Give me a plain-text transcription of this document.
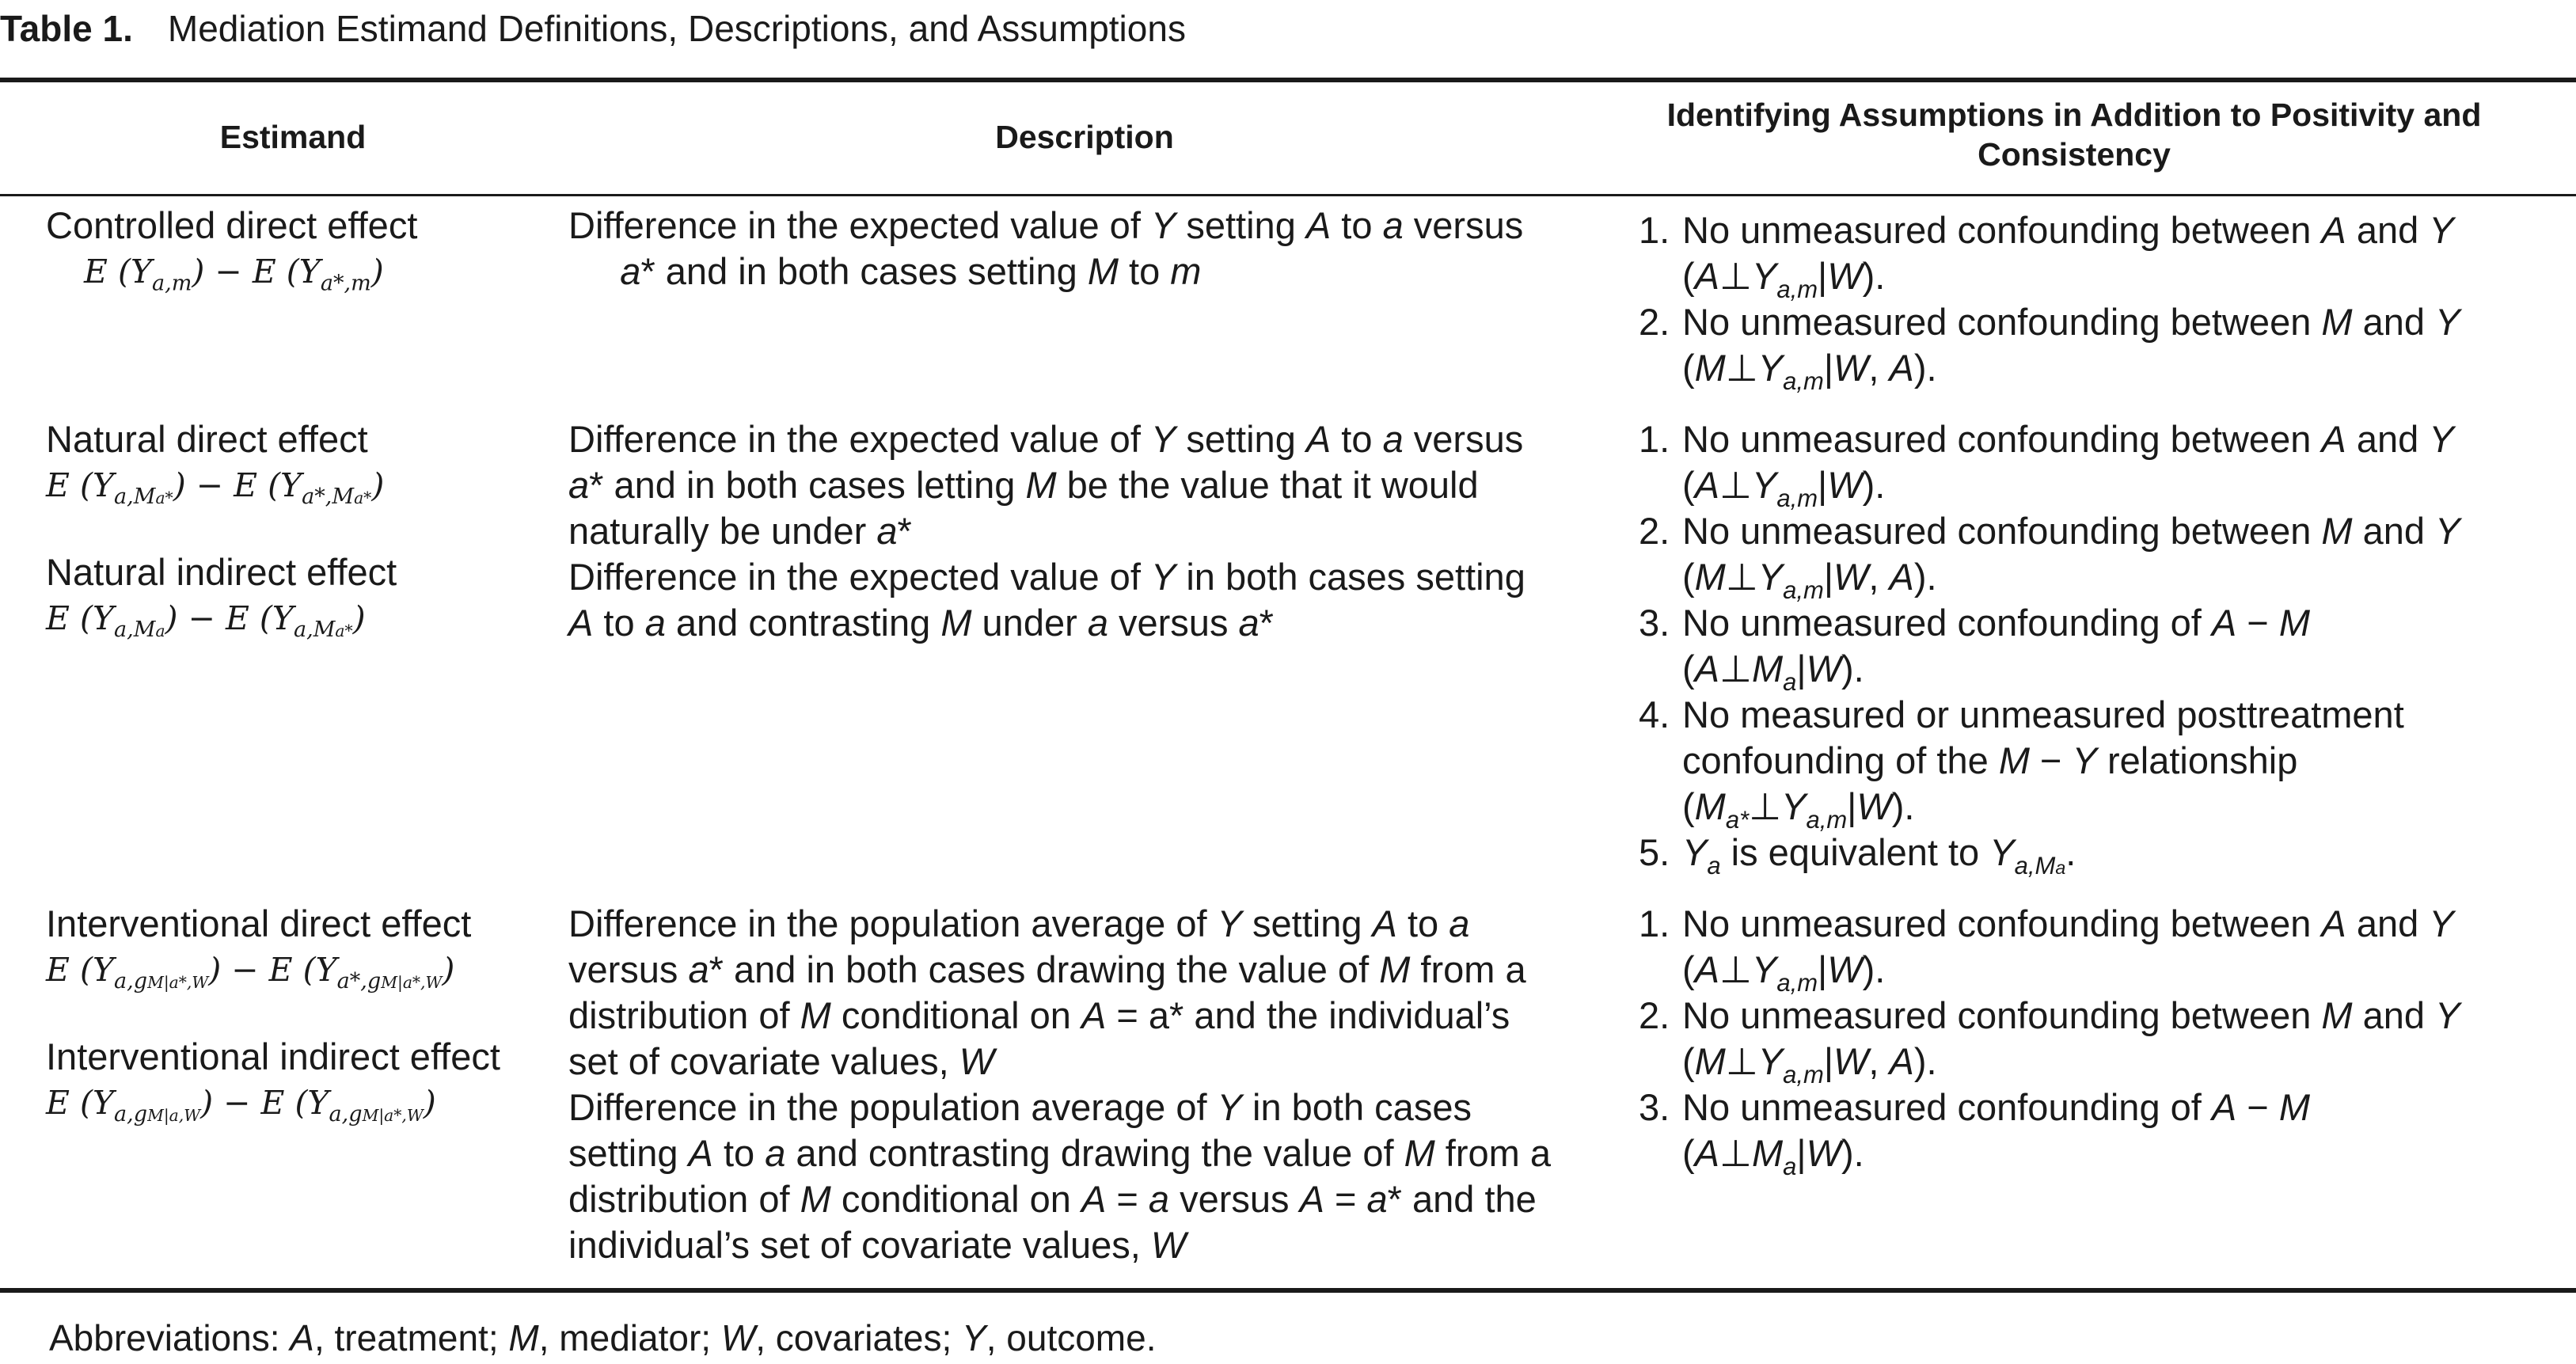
Table 1. Mediation Estimand Definitions, Descriptions, and Assumptions
Estimand	Description
Identifying Assumptions in Addition to Positivity and Consistency
Controlled direct effect
E $(Y_{a,m}) - E$ $(Y_{a*,m})$
Difference in the expected value of Y setting A to a versus
a* and in both cases setting M to m
1. No unmeasured confounding between A and Y
$(A\perp Y_{a,m}|W)$.
2. No unmeasured confounding between M and Y
($M\perp Y_{a,m}|W$, A).
Natural direct effect
E $(Y_{a,Ma*}) - E$ $(Y_{a*,Ma*})$
Natural indirect effect
E $(Y_{a,Ma}) - E$ $(Y_{a,Ma*})$
Difference in the expected value of Y setting A to a versus
a* and in both cases letting M be the value that it would
naturally be under a*
Difference in the expected value of Y in both cases setting
A to a and contrasting M under a versus a*
1. No unmeasured confounding between A and Y
$(A\perp Y_{a,m}|W)$.
2. No unmeasured confounding between M and Y
($M\perp Y_{a,m}|W$, A).
3. No unmeasured confounding of A − M
$(A\perp M_a|W)$.
4. No measured or unmeasured posttreatment
confounding of the M − Y relationship
$(M_{a*}\perp Y_{a,m}|W)$.
5. $Y_a$ is equivalent to $Y_{a,Ma}$.
Interventional direct effect
E $(Y_{a,gM|a*,W}) - E$ $(Y_{a*,gM|a*,W})$
Interventional indirect effect
E $(Y_{a,gM|a,W}) - E$ $(Y_{a,gM|a*,W})$
Difference in the population average of Y setting A to a
versus a* and in both cases drawing the value of M from a
distribution of M conditional on A = a* and the individual’s
set of covariate values, W
Difference in the population average of Y in both cases
setting A to a and contrasting drawing the value of M from a
distribution of M conditional on A = a versus A = a* and the
individual’s set of covariate values, W
1. No unmeasured confounding between A and Y
$(A\perp Y_{a,m}|W)$.
2. No unmeasured confounding between M and Y
($M\perp Y_{a,m}|W$, A).
3. No unmeasured confounding of A − M
$(A\perp M_a|W)$.
Abbreviations: A, treatment; M, mediator; W, covariates; Y, outcome.
